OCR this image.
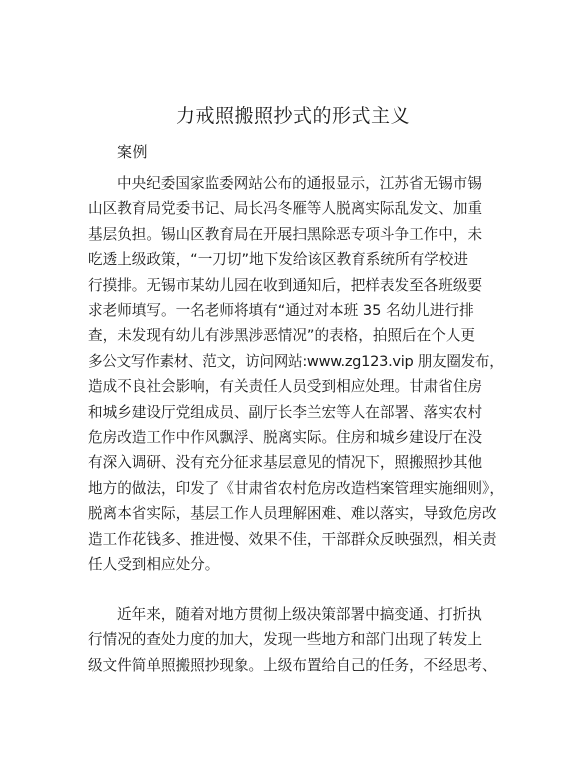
力戒照搬照抄式的形式主义

案例

中央纪委国家监委网站公布的通报显示，江苏省无锡市锡
山区教育局党委书记、局长冯冬雁等人脱离实际乱发文、加重
基层负担。锡山区教育局在开展扫黑除恶专项斗争工作中，未
吃透上级政策，“一刀切”地下发给该区教育系统所有学校进
行摸排。无锡市某幼儿园在收到通知后，把样表发至各班级要
求老师填写。一名老师将填有“通过对本班 35 名幼儿进行排
查，未发现有幼儿有涉黑涉恶情况”的表格，拍照后在个人更
多公文写作素材、范文，访问网站:www.zg123.vip 朋友圈发布，
造成不良社会影响，有关责任人员受到相应处理。甘肃省住房
和城乡建设厅党组成员、副厅长李兰宏等人在部署、落实农村
危房改造工作中作风飘浮、脱离实际。住房和城乡建设厅在没
有深入调研、没有充分征求基层意见的情况下，照搬照抄其他
地方的做法，印发了《甘肃省农村危房改造档案管理实施细则》，
脱离本省实际，基层工作人员理解困难、难以落实，导致危房改
造工作花钱多、推进慢、效果不佳，干部群众反映强烈，相关责
任人受到相应处分。
近年来，随着对地方贯彻上级决策部署中搞变通、打折执
行情况的查处力度的加大，发现一些地方和部门出现了转发上
级文件简单照搬照抄现象。上级布置给自己的任务，不经思考、
